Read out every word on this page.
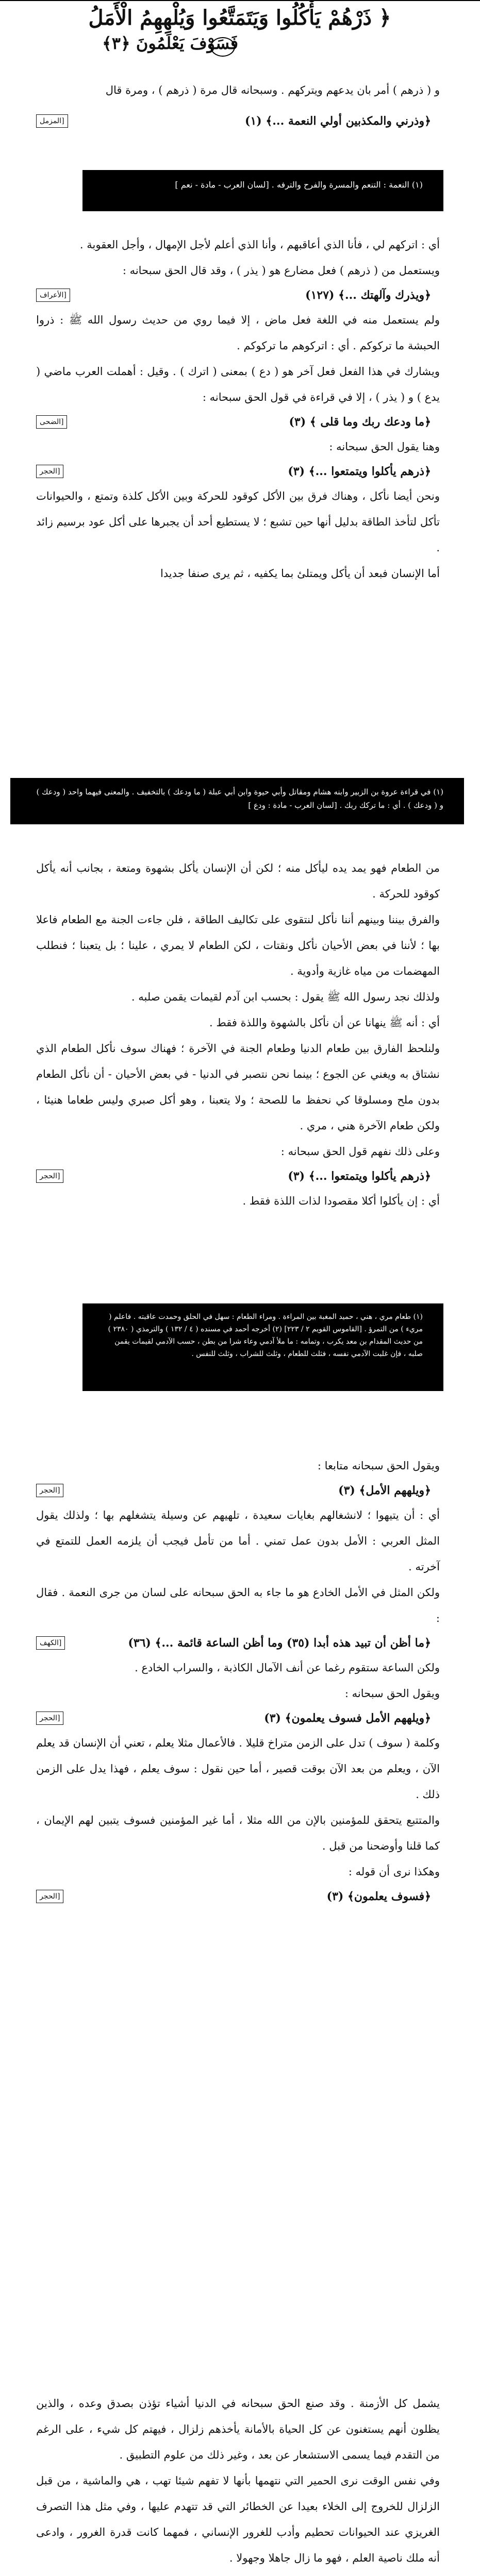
﴿ ذَرْهُمْ يَأْكُلُوا وَيَتَمَتَّعُوا وَيُلْهِهِمُ الْأَمَلُ
فَسَوْفَ يَعْلَمُونَ ﴿٣﴾

و ( ذرهم ) أمر بان يدعهم ويتركهم . وسبحانه قال مرة ( ذرهم ) ، ومرة قال

﴿وذرني والمكذبين أولي النعمة ...﴾ (١)
[المزمل
(١) النعمة : التنعم والمسرة والفرح والترفه . [لسان العرب - مادة - نعم ]

أي : اتركهم لي ، فأنا الذي أعاقبهم ، وأنا الذي أعلم لأجل الإمهال ، وأجل العقوبة .

ويستعمل من ( ذرهم ) فعل مضارع هو ( يذر ) ، وقد قال الحق سبحانه :

﴿ويذرك وآلهتك ...﴾ (١٢٧)
[الأعراف

ولم يستعمل منه في اللغة فعل ماض ، إلا فيما روي من حديث رسول الله ﷺ : ذروا الحبشة ما تركوكم . أي : اتركوهم ما تركوكم .

ويشارك في هذا الفعل فعل آخر هو ( دع ) بمعنى ( اترك ) . وقيل : أهملت العرب ماضي ( يدع ) و ( يذر ) ، إلا في قراءة في قول الحق سبحانه :

﴿ما ودعك ربك وما قلى ﴾ (٣)
[الضحى

وهنا يقول الحق سبحانه :

﴿ذرهم يأكلوا ويتمتعوا ...﴾ (٣)
[الحجر

ونحن أيضا نأكل ، وهناك فرق بين الأكل كوقود للحركة وبين الأكل كلذة وتمتع ، والحيوانات تأكل لتأخذ الطاقة بدليل أنها حين تشبع ؛ لا يستطيع أحد أن يجبرها على أكل عود برسيم زائد .

أما الإنسان فبعد أن يأكل ويمتلئ بما يكفيه ، ثم يرى صنفا جديدا

(١) في قراءة عروة بن الزبير وابنه هشام ومقاتل وأبي حيوة وابن أبي عبلة ( ما ودعك ) بالتخفيف . والمعنى فيهما واحد ( ودعك ) و ( ودعك ) . أي : ما تركك ربك . [لسان العرب - مادة : ودع ]

من الطعام فهو يمد يده ليأكل منه ؛ لكن أن الإنسان يأكل بشهوة ومتعة ، بجانب أنه يأكل كوقود للحركة .

والفرق بيننا وبينهم أننا نأكل لنتقوى على تكاليف الطاقة ، فلن جاءت الجنة مع الطعام فاعلا بها ؛ لأننا في بعض الأحيان نأكل ونقتات ، لكن الطعام لا يمري ، علينا ؛ بل يتعبنا ؛ فنطلب المهضمات من مياه غازية وأدوية .

ولذلك نجد رسول الله ﷺ يقول : بحسب ابن آدم لقيمات يقمن صلبه .

أي : أنه ﷺ ينهانا عن أن نأكل بالشهوة واللذة فقط .

ولنلحظ الفارق بين طعام الدنيا وطعام الجنة في الآخرة ؛ فهناك سوف نأكل الطعام الذي نشتاق به ويغني عن الجوع ؛ بينما نحن نتصبر في الدنيا - في بعض الأحيان - أن نأكل الطعام بدون ملح ومسلوقا كي نحفظ ما للصحة ؛ ولا يتعبنا ، وهو أكل صبري وليس طعاما هنيئا ، ولكن طعام الآخرة هني ، مري .

وعلى ذلك نفهم قول الحق سبحانه :

﴿ذرهم يأكلوا ويتمتعوا ...﴾ (٣)
[الحجر

أي : إن يأكلوا أكلا مقصودا لذات اللذة فقط .

(١) طعام مري ، هني ، حميد المغبة بين المراءة . ومراء الطعام : سهل في الحلق وحمدت عاقبته . فاعلم ( مريء ) من التمرؤ . [القاموس القويم ٢ / ٢٢٣] (٢) أخرجه أحمد في مسنده ( ٤ / ١٣٢ ) والترمذي ( ٢٣٨٠ ) من حديث المقدام بن معد يكرب ، وتمامه : ما ملأ آدمي وعاء شرا من بطن ، حسب الآدمي لقيمات يقمن صلبه ، فإن غلبت الآدمي نفسه ، فثلث للطعام ، وثلث للشراب ، وثلث للنفس .

ويقول الحق سبحانه متابعا :

﴿ويلههم الأمل﴾ (٣)
[الحجر

أي : أن يتيهوا ؛ لانشغالهم بغايات سعيدة ، تلهيهم عن وسيلة يتشغلهم بها ؛ ولذلك يقول المثل العربي : الأمل بدون عمل تمني . أما من تأمل فيجب أن يلزمه العمل للتمتع في آخرته .

ولكن المثل في الأمل الخادع هو ما جاء به الحق سبحانه على لسان من جرى النعمة . فقال :

﴿ما أظن أن تبيد هذه أبدا (٣٥) وما أظن الساعة قائمة ...﴾ (٣٦)
[الكهف

ولكن الساعة ستقوم رغما عن أنف الآمال الكاذبة ، والسراب الخادع .

ويقول الحق سبحانه :

﴿ويلههم الأمل فسوف يعلمون﴾ (٣)
[الحجر

وكلمة ( سوف ) تدل على الزمن متراخ قليلا . فالأعمال مثلا يعلم ، تعني أن الإنسان قد يعلم الآن ، ويعلم من بعد الآن بوقت قصير ، أما حين نقول : سوف يعلم ، فهذا يدل على الزمن ذلك .

والمتتبع يتحقق للمؤمنين بالإن من الله مثلا ، أما غير المؤمنين فسوف يتبين لهم الإيمان ، كما قلنا وأوضحنا من قبل .

وهكذا نرى أن قوله :

﴿فسوف يعلمون﴾ (٣)
[الحجر

يشمل كل الأزمنة . وقد صنع الحق سبحانه في الدنيا أشياء تؤذن بصدق وعده ، والذين يظلون أنهم يستغنون عن كل الحياة بالأمانة يأخذهم زلزال ، فيهتم كل شيء ، على الرغم من التقدم فيما يسمى الاستشعار عن بعد ، وغير ذلك من علوم التطبيق .

وفي نفس الوقت نرى الحمير التي نتهمها بأنها لا تفهم شيئا تهب ، هي والماشية ، من قبل الزلزال للخروج إلى الخلاء بعيدا عن الخطائر التي قد تتهدم عليها ، وفي مثل هذا التصرف الغريزي عند الحيوانات تحطيم وأدب للغرور الإنساني ، فمهما كانت قدرة الغرور ، وادعى أنه ملك ناصية العلم ، فهو ما زال جاهلا وجهولا .
